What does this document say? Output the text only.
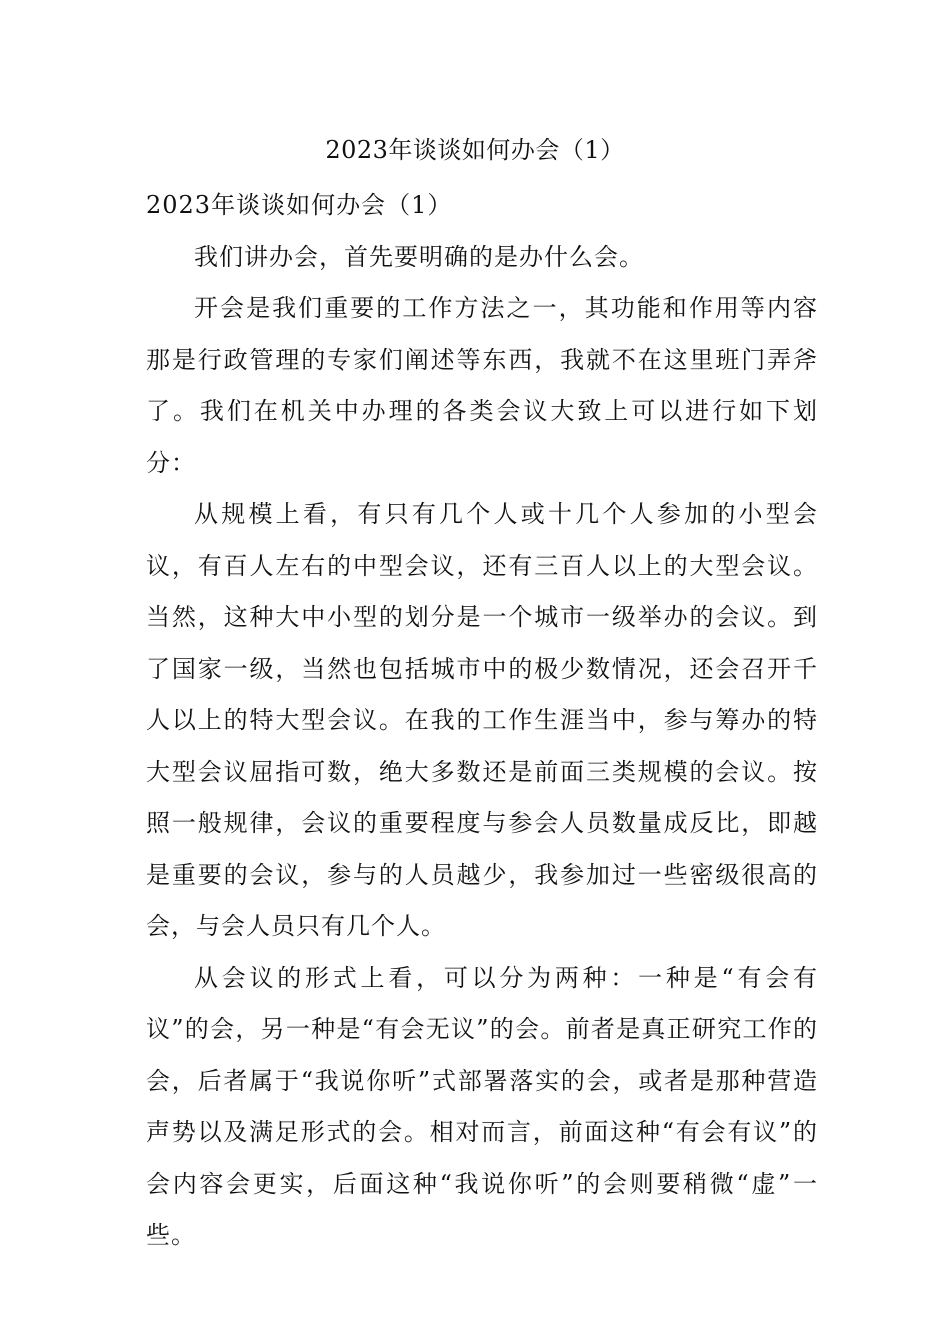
2023年谈谈如何办会（1）

2023年谈谈如何办会（1）

我们讲办会，首先要明确的是办什么会。

开会是我们重要的工作方法之一，其功能和作用等内容那是行政管理的专家们阐述等东西，我就不在这里班门弄斧了。我们在机关中办理的各类会议大致上可以进行如下划分：

从规模上看，有只有几个人或十几个人参加的小型会议，有百人左右的中型会议，还有三百人以上的大型会议。当然，这种大中小型的划分是一个城市一级举办的会议。到了国家一级，当然也包括城市中的极少数情况，还会召开千人以上的特大型会议。在我的工作生涯当中，参与筹办的特大型会议屈指可数，绝大多数还是前面三类规模的会议。按照一般规律，会议的重要程度与参会人员数量成反比，即越是重要的会议，参与的人员越少，我参加过一些密级很高的会，与会人员只有几个人。

从会议的形式上看，可以分为两种：一种是“有会有议”的会，另一种是“有会无议”的会。前者是真正研究工作的会，后者属于“我说你听”式部署落实的会，或者是那种营造声势以及满足形式的会。相对而言，前面这种“有会有议”的会内容会更实，后面这种“我说你听”的会则要稍微“虚”一些。
